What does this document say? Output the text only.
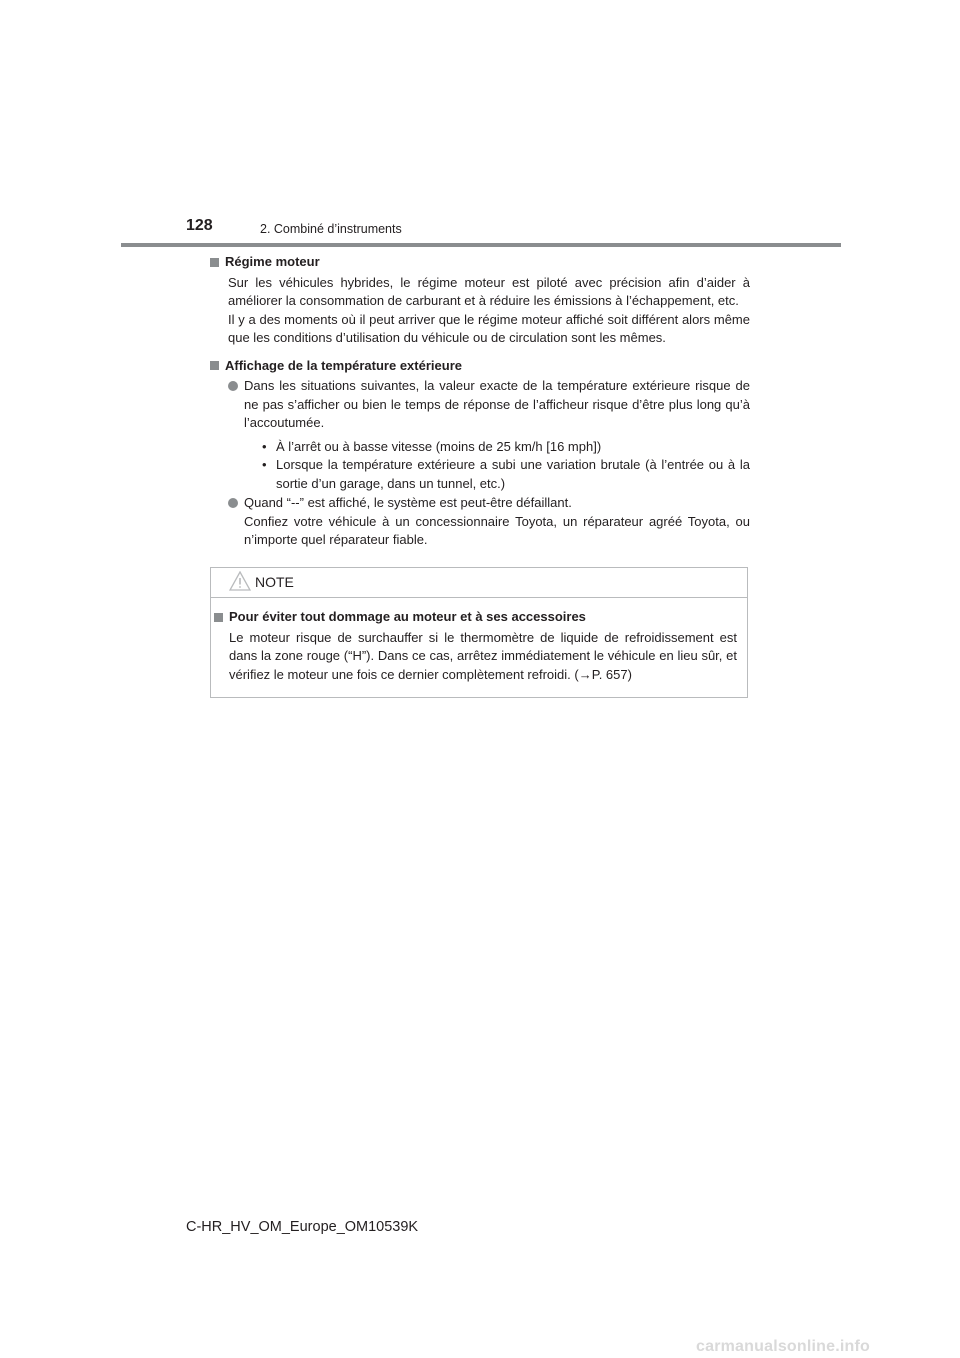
128	2. Combiné d’instruments
Régime moteur

Sur les véhicules hybrides, le régime moteur est piloté avec précision afin d’aider à améliorer la consommation de carburant et à réduire les émissions à l’échappement, etc.

Il y a des moments où il peut arriver que le régime moteur affiché soit différent alors même que les conditions d’utilisation du véhicule ou de circulation sont les mêmes.

Affichage de la température extérieure

Dans les situations suivantes, la valeur exacte de la température extérieure risque de ne pas s’afficher ou bien le temps de réponse de l’afficheur risque d’être plus long qu’à l’accoutumée.

• À l’arrêt ou à basse vitesse (moins de 25 km/h [16 mph])
• Lorsque la température extérieure a subi une variation brutale (à l’entrée ou à la sortie d’un garage, dans un tunnel, etc.)

Quand “--” est affiché, le système est peut-être défaillant.

Confiez votre véhicule à un concessionnaire Toyota, un réparateur agréé Toyota, ou n’importe quel réparateur fiable.

NOTE
Pour éviter tout dommage au moteur et à ses accessoires
Le moteur risque de surchauffer si le thermomètre de liquide de refroidissement est dans la zone rouge (“H”). Dans ce cas, arrêtez immédiatement le véhicule en lieu sûr, et vérifiez le moteur une fois ce dernier complètement refroidi. (→P. 657)
C-HR_HV_OM_Europe_OM10539K
carmanualsonline.info
